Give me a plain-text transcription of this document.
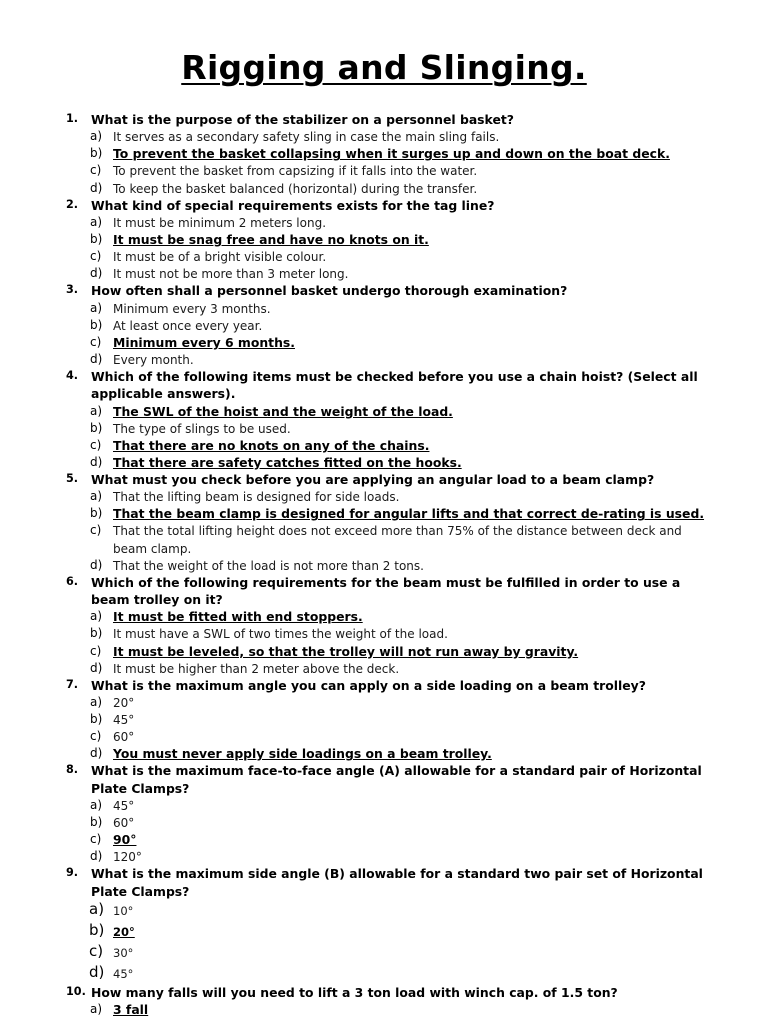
Rigging and Slinging.
1. What is the purpose of the stabilizer on a personnel basket?
a) It serves as a secondary safety sling in case the main sling fails.
b) To prevent the basket collapsing when it surges up and down on the boat deck.
c) To prevent the basket from capsizing if it falls into the water.
d) To keep the basket balanced (horizontal) during the transfer.
2. What kind of special requirements exists for the tag line?
a) It must be minimum 2 meters long.
b) It must be snag free and have no knots on it.
c) It must be of a bright visible colour.
d) It must not be more than 3 meter long.
3. How often shall a personnel basket undergo thorough examination?
a) Minimum every 3 months.
b) At least once every year.
c) Minimum every 6 months.
d) Every month.
4. Which of the following items must be checked before you use a chain hoist? (Select all applicable answers).
a) The SWL of the hoist and the weight of the load.
b) The type of slings to be used.
c) That there are no knots on any of the chains.
d) That there are safety catches fitted on the hooks.
5. What must you check before you are applying an angular load to a beam clamp?
a) That the lifting beam is designed for side loads.
b) That the beam clamp is designed for angular lifts and that correct de-rating is used.
c) That the total lifting height does not exceed more than 75% of the distance between deck and beam clamp.
d) That the weight of the load is not more than 2 tons.
6. Which of the following requirements for the beam must be fulfilled in order to use a beam trolley on it?
a) It must be fitted with end stoppers.
b) It must have a SWL of two times the weight of the load.
c) It must be leveled, so that the trolley will not run away by gravity.
d) It must be higher than 2 meter above the deck.
7. What is the maximum angle you can apply on a side loading on a beam trolley?
a) 20°
b) 45°
c) 60°
d) You must never apply side loadings on a beam trolley.
8. What is the maximum face-to-face angle (A) allowable for a standard pair of Horizontal Plate Clamps?
a) 45°
b) 60°
c) 90°
d) 120°
9. What is the maximum side angle (B) allowable for a standard two pair set of Horizontal Plate Clamps?
a) 10°
b) 20°
c) 30°
d) 45°
10. How many falls will you need to lift a 3 ton load with winch cap. of 1.5 ton?
a) 3 fall
